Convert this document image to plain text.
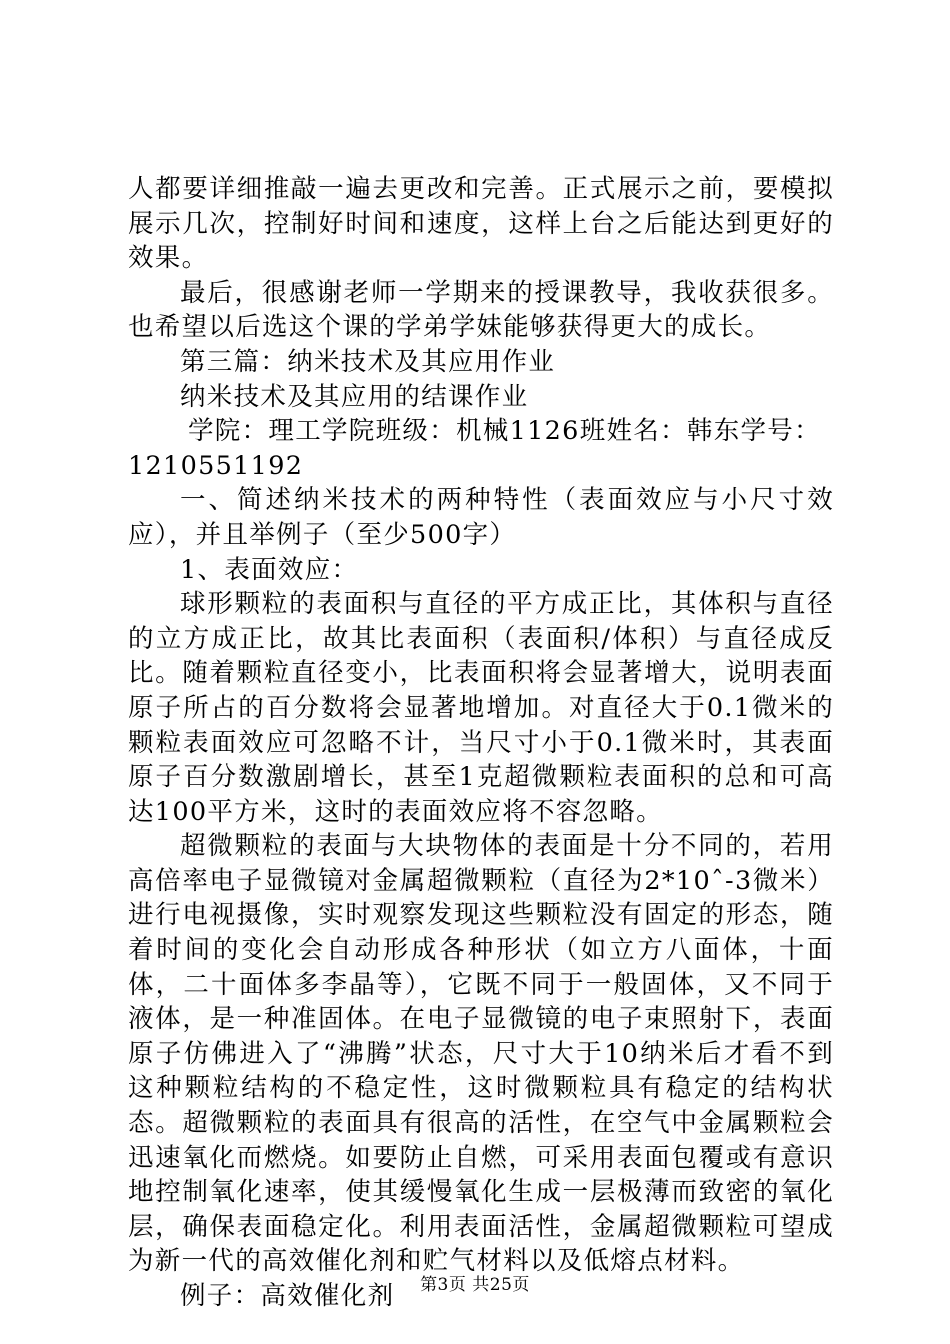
人都要详细推敲一遍去更改和完善。正式展示之前，要模拟展示几次，控制好时间和速度，这样上台之后能达到更好的效果。

最后，很感谢老师一学期来的授课教导，我收获很多。也希望以后选这个课的学弟学妹能够获得更大的成长。

第三篇：纳米技术及其应用作业

纳米技术及其应用的结课作业

学院：理工学院班级：机械1126班姓名：韩东学号：1210551192

一、简述纳米技术的两种特性（表面效应与小尺寸效应），并且举例子（至少500字）

1、表面效应：

球形颗粒的表面积与直径的平方成正比，其体积与直径的立方成正比，故其比表面积（表面积/体积）与直径成反比。随着颗粒直径变小，比表面积将会显著增大，说明表面原子所占的百分数将会显著地增加。对直径大于0.1微米的颗粒表面效应可忽略不计，当尺寸小于0.1微米时，其表面原子百分数激剧增长，甚至1克超微颗粒表面积的总和可高达100平方米，这时的表面效应将不容忽略。

超微颗粒的表面与大块物体的表面是十分不同的，若用高倍率电子显微镜对金属超微颗粒（直径为2*10ˆ-3微米）进行电视摄像，实时观察发现这些颗粒没有固定的形态，随着时间的变化会自动形成各种形状（如立方八面体，十面体，二十面体多李晶等），它既不同于一般固体，又不同于液体，是一种准固体。在电子显微镜的电子束照射下，表面原子仿佛进入了“沸腾”状态，尺寸大于10纳米后才看不到这种颗粒结构的不稳定性，这时微颗粒具有稳定的结构状态。超微颗粒的表面具有很高的活性，在空气中金属颗粒会迅速氧化而燃烧。如要防止自燃，可采用表面包覆或有意识地控制氧化速率，使其缓慢氧化生成一层极薄而致密的氧化层，确保表面稳定化。利用表面活性，金属超微颗粒可望成为新一代的高效催化剂和贮气材料以及低熔点材料。

例子：高效催化剂	第3页 共25页
